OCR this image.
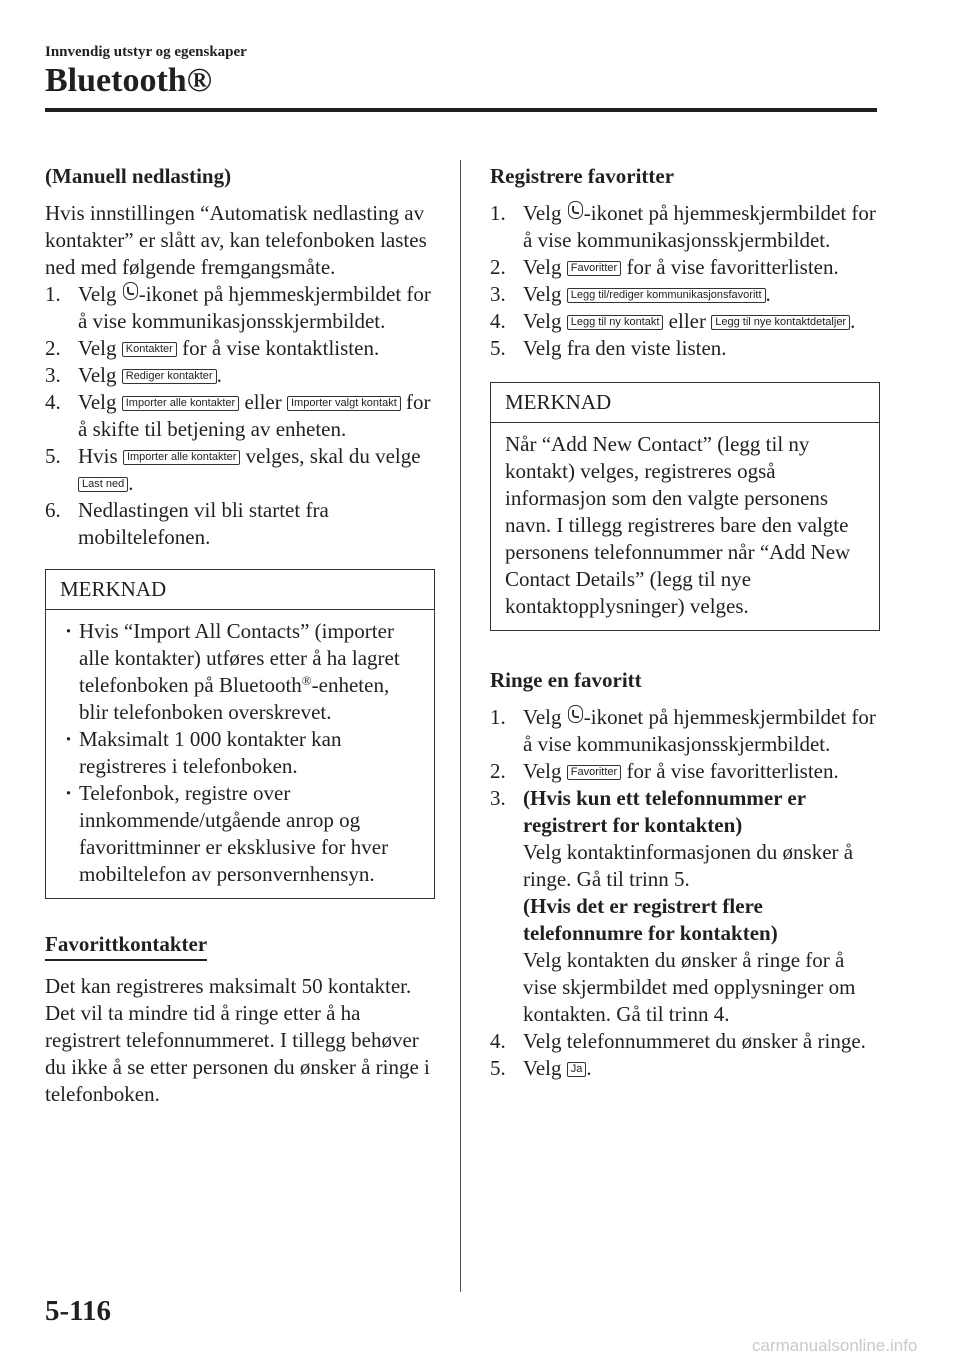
Innvendig utstyr og egenskaper
Bluetooth®
(Manuell nedlasting)

Hvis innstillingen “Automatisk nedlasting av kontakter” er slått av, kan telefonboken lastes ned med følgende fremgangsmåte.

1. Velg -ikonet på hjemmeskjermbildet for å vise kommunikasjonsskjermbildet.
2. Velg Kontakter for å vise kontaktlisten.
3. Velg Rediger kontakter .
4. Velg Importer alle kontakter eller Importer valgt kontakt for å skifte til betjening av enheten.
5. Hvis Importer alle kontakter velges, skal du velge Last ned .
6. Nedlastingen vil bli startet fra mobiltelefonen.
MERKNAD
· Hvis “Import All Contacts” (importer alle kontakter) utføres etter å ha lagret telefonboken på Bluetooth®-enheten, blir telefonboken overskrevet.
· Maksimalt 1 000 kontakter kan registreres i telefonboken.
· Telefonbok, registre over innkommende/utgående anrop og favorittminner er eksklusive for hver mobiltelefon av personvernhensyn.
Favorittkontakter

Det kan registreres maksimalt 50 kontakter. Det vil ta mindre tid å ringe etter å ha registrert telefonnummeret. I tillegg behøver du ikke å se etter personen du ønsker å ringe i telefonboken.

Registrere favoritter
1. Velg -ikonet på hjemmeskjermbildet for å vise kommunikasjonsskjermbildet.
2. Velg Favoritter for å vise favoritterlisten.
3. Velg Legg til/rediger kommunikasjonsfavoritt .
4. Velg Legg til ny kontakt eller Legg til nye kontaktdetaljer .
5. Velg fra den viste listen.
MERKNAD

Når “Add New Contact” (legg til ny kontakt) velges, registreres også informasjon som den valgte personens navn. I tillegg registreres bare den valgte personens telefonnummer når “Add New Contact Details” (legg til nye kontaktopplysninger) velges.

Ringe en favoritt
1. Velg -ikonet på hjemmeskjermbildet for å vise kommunikasjonsskjermbildet.
2. Velg Favoritter for å vise favoritterlisten.
3. (Hvis kun ett telefonnummer er registrert for kontakten)
Velg kontaktinformasjonen du ønsker å ringe. Gå til trinn 5.
(Hvis det er registrert flere telefonnumre for kontakten)
Velg kontakten du ønsker å ringe for å vise skjermbildet med opplysninger om kontakten. Gå til trinn 4.
4. Velg telefonnummeret du ønsker å ringe.
5. Velg Ja .
5-116
carmanualsonline.info
